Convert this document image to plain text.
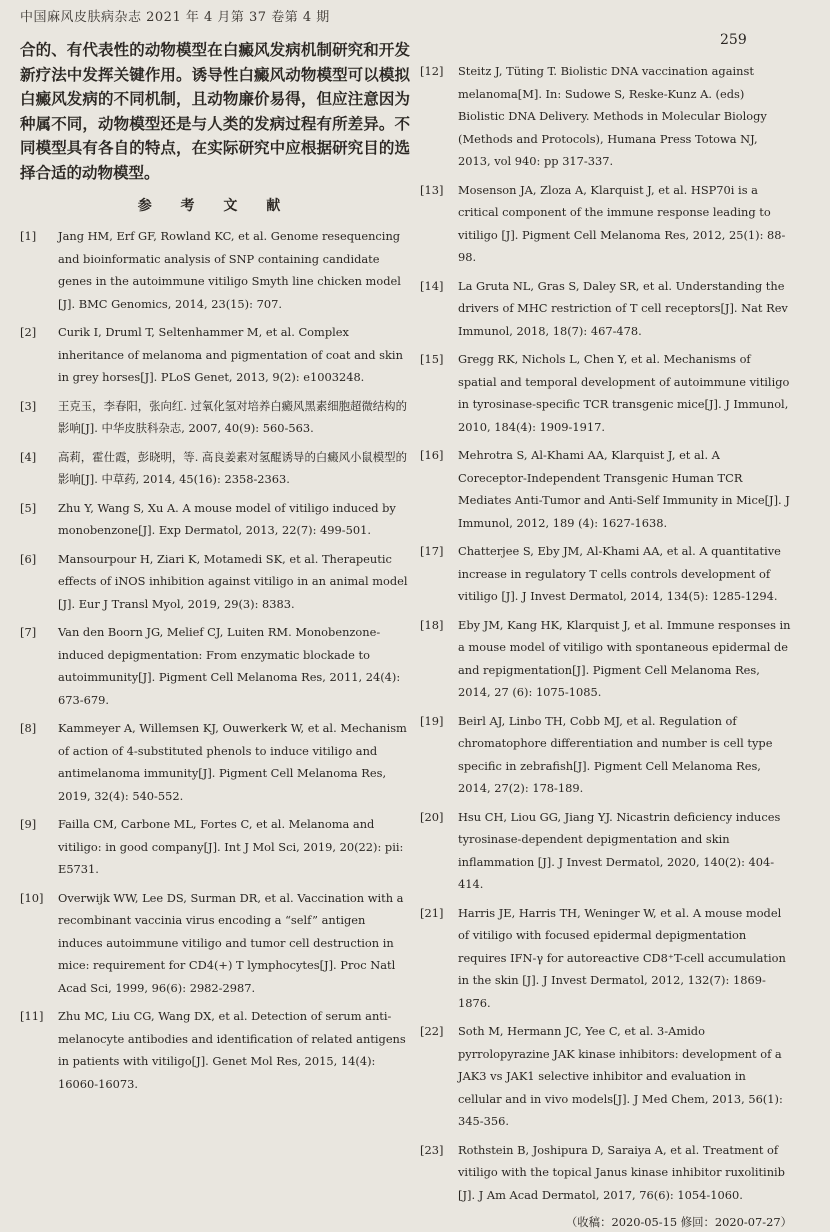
中国麻风皮肤病杂志 2021 年 4 月第 37 卷第 4 期
259

合的、有代表性的动物模型在白癜风发病机制研究和开发新疗法中发挥关键作用。诱导性白癜风动物模型可以模拟白癜风发病的不同机制，且动物廉价易得，但应注意因为种属不同，动物模型还是与人类的发病过程有所差异。不同模型具有各自的特点，在实际研究中应根据研究目的选择合适的动物模型。

参 考 文 献
[1]	Jang HM, Erf GF, Rowland KC, et al. Genome resequencing and bioinformatic analysis of SNP containing candidate genes in the autoimmune vitiligo Smyth line chicken model [J]. BMC Genomics, 2014, 23(15): 707.
[2]	Curik I, Druml T, Seltenhammer M, et al. Complex inheritance of melanoma and pigmentation of coat and skin in grey horses[J]. PLoS Genet, 2013, 9(2): e1003248.
[3]	王克玉，李春阳，张向红. 过氧化氢对培养白癜风黑素细胞超微结构的影响[J]. 中华皮肤科杂志, 2007, 40(9): 560-563.
[4]	高莉，霍仕霞，彭晓明，等. 高良姜素对氢醌诱导的白癜风小鼠模型的影响[J]. 中草药, 2014, 45(16): 2358-2363.
[5]	Zhu Y, Wang S, Xu A. A mouse model of vitiligo induced by monobenzone[J]. Exp Dermatol, 2013, 22(7): 499-501.
[6]	Mansourpour H, Ziari K, Motamedi SK, et al. Therapeutic effects of iNOS inhibition against vitiligo in an animal model [J]. Eur J Transl Myol, 2019, 29(3): 8383.
[7]	Van den Boorn JG, Melief CJ, Luiten RM. Monobenzone-induced depigmentation: From enzymatic blockade to autoimmunity[J]. Pigment Cell Melanoma Res, 2011, 24(4): 673-679.
[8]	Kammeyer A, Willemsen KJ, Ouwerkerk W, et al. Mechanism of action of 4-substituted phenols to induce vitiligo and antimelanoma immunity[J]. Pigment Cell Melanoma Res, 2019, 32(4): 540-552.
[9]	Failla CM, Carbone ML, Fortes C, et al. Melanoma and vitiligo: in good company[J]. Int J Mol Sci, 2019, 20(22): pii: E5731.
[10]	Overwijk WW, Lee DS, Surman DR, et al. Vaccination with a recombinant vaccinia virus encoding a “self” antigen induces autoimmune vitiligo and tumor cell destruction in mice: requirement for CD4(+) T lymphocytes[J]. Proc Natl Acad Sci, 1999, 96(6): 2982-2987.
[11]	Zhu MC, Liu CG, Wang DX, et al. Detection of serum anti-melanocyte antibodies and identification of related antigens in patients with vitiligo[J]. Genet Mol Res, 2015, 14(4): 16060-16073.
[12]	Steitz J, Tüting T. Biolistic DNA vaccination against melanoma[M]. In: Sudowe S, Reske-Kunz A. (eds) Biolistic DNA Delivery. Methods in Molecular Biology (Methods and Protocols), Humana Press Totowa NJ, 2013, vol 940: pp 317-337.
[13]	Mosenson JA, Zloza A, Klarquist J, et al. HSP70i is a critical component of the immune response leading to vitiligo [J]. Pigment Cell Melanoma Res, 2012, 25(1): 88-98.
[14]	La Gruta NL, Gras S, Daley SR, et al. Understanding the drivers of MHC restriction of T cell receptors[J]. Nat Rev Immunol, 2018, 18(7): 467-478.
[15]	Gregg RK, Nichols L, Chen Y, et al. Mechanisms of spatial and temporal development of autoimmune vitiligo in tyrosinase-specific TCR transgenic mice[J]. J Immunol, 2010, 184(4): 1909-1917.
[16]	Mehrotra S, Al-Khami AA, Klarquist J, et al. A Coreceptor-Independent Transgenic Human TCR Mediates Anti-Tumor and Anti-Self Immunity in Mice[J]. J Immunol, 2012, 189 (4): 1627-1638.
[17]	Chatterjee S, Eby JM, Al-Khami AA, et al. A quantitative increase in regulatory T cells controls development of vitiligo [J]. J Invest Dermatol, 2014, 134(5): 1285-1294.
[18]	Eby JM, Kang HK, Klarquist J, et al. Immune responses in a mouse model of vitiligo with spontaneous epidermal de and repigmentation[J]. Pigment Cell Melanoma Res, 2014, 27 (6): 1075-1085.
[19]	Beirl AJ, Linbo TH, Cobb MJ, et al. Regulation of chromatophore differentiation and number is cell type specific in zebrafish[J]. Pigment Cell Melanoma Res, 2014, 27(2): 178-189.
[20]	Hsu CH, Liou GG, Jiang YJ. Nicastrin deficiency induces tyrosinase-dependent depigmentation and skin inflammation [J]. J Invest Dermatol, 2020, 140(2): 404-414.
[21]	Harris JE, Harris TH, Weninger W, et al. A mouse model of vitiligo with focused epidermal depigmentation requires IFN-γ for autoreactive CD8⁺T-cell accumulation in the skin [J]. J Invest Dermatol, 2012, 132(7): 1869-1876.
[22]	Soth M, Hermann JC, Yee C, et al. 3-Amido pyrrolopyrazine JAK kinase inhibitors: development of a JAK3 vs JAK1 selective inhibitor and evaluation in cellular and in vivo models[J]. J Med Chem, 2013, 56(1): 345-356.
[23]	Rothstein B, Joshipura D, Saraiya A, et al. Treatment of vitiligo with the topical Janus kinase inhibitor ruxolitinib [J]. J Am Acad Dermatol, 2017, 76(6): 1054-1060.
（收稿：2020-05-15 修回：2020-07-27）
